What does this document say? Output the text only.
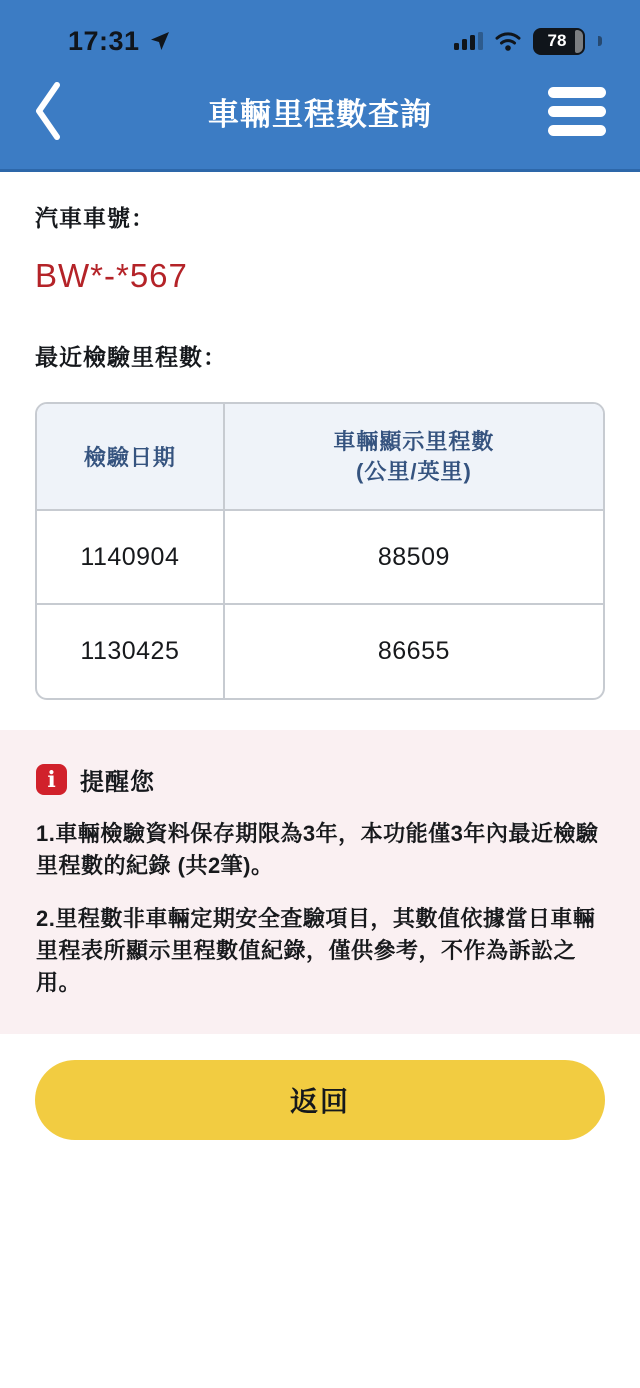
17:31	78
車輛里程數查詢
汽車車號：
BW*-*567
最近檢驗里程數：
檢驗日期	車輛顯示里程數
(公里/英里)

1140904	88509
1130425	86655
i	提醒您

1.車輛檢驗資料保存期限為3年，本功能僅3年內最近檢驗里程數的紀錄 (共2筆)。

2.里程數非車輛定期安全查驗項目，其數值依據當日車輛里程表所顯示里程數值紀錄，僅供參考，不作為訴訟之用。

返回
